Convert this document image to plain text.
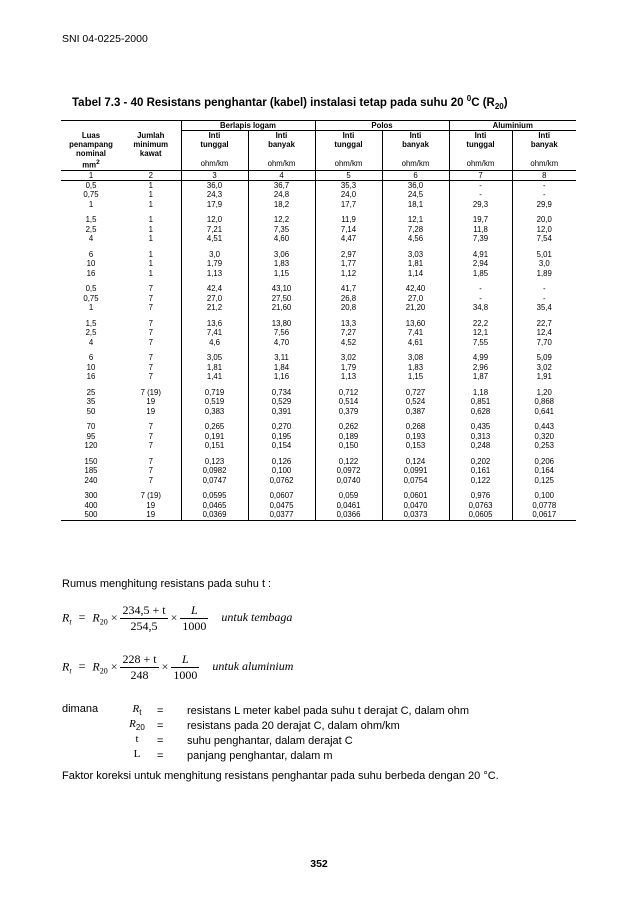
SNI 04-0225-2000
Tabel 7.3 - 40 Resistans penghantar (kabel) instalasi tetap pada suhu 20 $^0$C $(R_{20})$
		Berlapis logam		Polos		Aluminium	
Luas	Jumlah	Inti	Inti	Inti	Inti	Inti	Inti
penampang	minimum	tunggal	banyak	tunggal	banyak	tunggal	banyak
nominal	kawat						
$mm^2$		ohm/km	ohm/km	ohm/km	ohm/km	ohm/km	ohm/km
1	2	3	4	5	6	7	8
0,5	1	36,0	36,7	35,3	36,0	-	-
0,75	1	24,3	24,8	24,0	24,5	-	-
1	1	17,9	18,2	17,7	18,1	29,3	29,9

1,5	1	12,0	12,2	11,9	12,1	19,7	20,0
2,5	1	7,21	7,35	7,14	7,28	11,8	12,0
4	1	4,51	4,60	4,47	4,56	7,39	7,54

6	1	3,0	3,06	2,97	3,03	4,91	5,01
10	1	1,79	1,83	1,77	1,81	2,94	3,0
16	1	1,13	1,15	1,12	1,14	1,85	1,89

0,5	7	42,4	43,10	41,7	42,40	-	-
0,75	7	27,0	27,50	26,8	27,0	-	-
1	7	21,2	21,60	20,8	21,20	34,8	35,4

1,5	7	13,6	13,80	13,3	13,60	22,2	22,7
2,5	7	7,41	7,56	7,27	7,41	12,1	12,4
4	7	4,6	4,70	4,52	4,61	7,55	7,70

6	7	3,05	3,11	3,02	3,08	4,99	5,09
10	7	1,81	1,84	1,79	1,83	2,96	3,02
16	7	1,41	1,16	1,13	1,15	1,87	1,91

25	7 (19)	0,719	0,734	0,712	0,727	1,18	1,20
35	19	0,519	0,529	0,514	0,524	0,851	0,868
50	19	0,383	0,391	0,379	0,387	0,628	0,641

70	7	0,265	0,270	0,262	0,268	0,435	0,443
95	7	0,191	0,195	0,189	0,193	0,313	0,320
120	7	0,151	0,154	0,150	0,153	0,248	0,253

150	7	0,123	0,126	0,122	0,124	0,202	0,206
185	7	0,0982	0,100	0,0972	0,0991	0,161	0,164
240	7	0,0747	0,0762	0,0740	0,0754	0,122	0,125

300	7 (19)	0,0595	0,0607	0,059	0,0601	0,976	0,100
400	19	0,0465	0,0475	0,0461	0,0470	0,0763	0,0778
500	19	0,0369	0,0377	0,0366	0,0373	0,0605	0,0617
Rumus menghitung resistans pada suhu t :
$R_t = R_{20} \times \frac{234,5 + t}{254,5} \times \frac{L}{1000}$ untuk tembaga
$R_t = R_{20} \times \frac{228 + t}{248} \times \frac{L}{1000}$ untuk aluminium
dimana		$R_t$	=	resistans L meter kabel pada suhu t derajat C, dalam ohm
$R_{20}$	=	resistans pada 20 derajat C, dalam ohm/km
t	=	suhu penghantar, dalam derajat C
L	=	panjang penghantar, dalam m
Faktor koreksi untuk menghitung resistans penghantar pada suhu berbeda dengan 20 °C.
352
